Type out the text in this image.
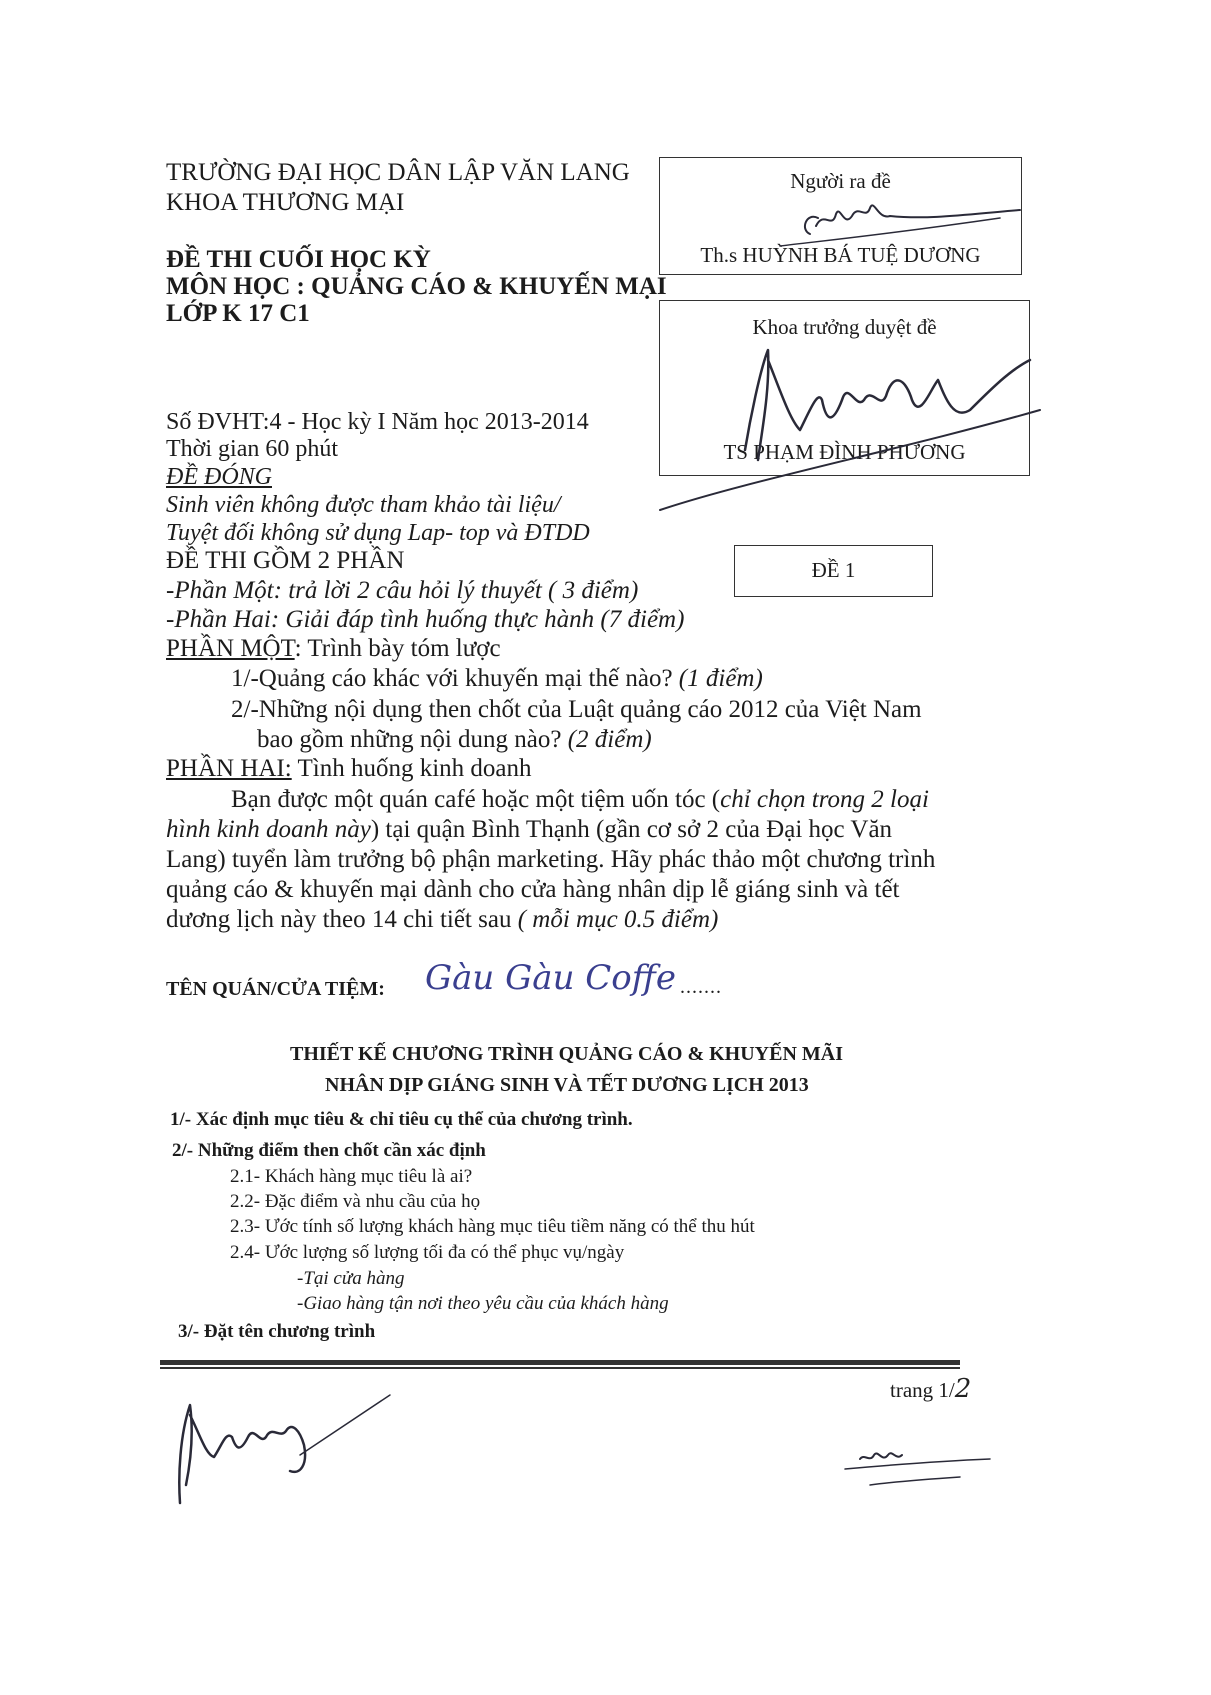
TRƯỜNG ĐẠI HỌC DÂN LẬP VĂN LANG
KHOA THƯƠNG MẠI
ĐỀ THI CUỐI HỌC KỲ
MÔN HỌC : QUẢNG CÁO & KHUYẾN MẠI
LỚP K 17 C1
Người ra đề
Th.s HUỲNH BÁ TUỆ DƯƠNG
Khoa trưởng duyệt đề
TS PHẠM ĐÌNH PHƯƠNG
ĐỀ 1
Số ĐVHT:4 - Học kỳ I Năm học 2013-2014
Thời gian 60 phút
ĐỀ ĐÓNG
Sinh viên không được tham khảo tài liệu/
Tuyệt đối không sử dụng Lap- top và ĐTDD
ĐỀ THI GỒM 2 PHẦN
-Phần Một: trả lời 2 câu hỏi lý thuyết ( 3 điểm)
-Phần Hai: Giải đáp tình huống thực hành (7 điểm)
PHẦN MỘT: Trình bày tóm lược
1/-Quảng cáo khác với khuyến mại thế nào? (1 điểm)
2/-Những nội dụng then chốt của Luật quảng cáo 2012 của Việt Nam
bao gồm những nội dung nào? (2 điểm)
PHẦN HAI: Tình huống kinh doanh
Bạn được một quán café hoặc một tiệm uốn tóc (chỉ chọn trong 2 loại
hình kinh doanh này) tại quận Bình Thạnh (gần cơ sở 2 của Đại học Văn
Lang) tuyển làm trưởng bộ phận marketing. Hãy phác thảo một chương trình
quảng cáo & khuyến mại dành cho cửa hàng nhân dịp lễ giáng sinh và tết
dương lịch này theo 14 chi tiết sau ( mỗi mục 0.5 điểm)
TÊN QUÁN/CỬA TIỆM: Gàu Gàu Coffe .......
THIẾT KẾ CHƯƠNG TRÌNH QUẢNG CÁO & KHUYẾN MÃI
NHÂN DỊP GIÁNG SINH VÀ TẾT DƯƠNG LỊCH 2013
1/- Xác định mục tiêu & chỉ tiêu cụ thể của chương trình.
2/- Những điểm then chốt cần xác định
2.1- Khách hàng mục tiêu là ai?
2.2- Đặc điểm và nhu cầu của họ
2.3- Ước tính số lượng khách hàng mục tiêu tiềm năng có thể thu hút
2.4- Ước lượng số lượng tối đa có thể phục vụ/ngày
-Tại cửa hàng
-Giao hàng tận nơi theo yêu cầu của khách hàng
3/- Đặt tên chương trình
trang 1/2
